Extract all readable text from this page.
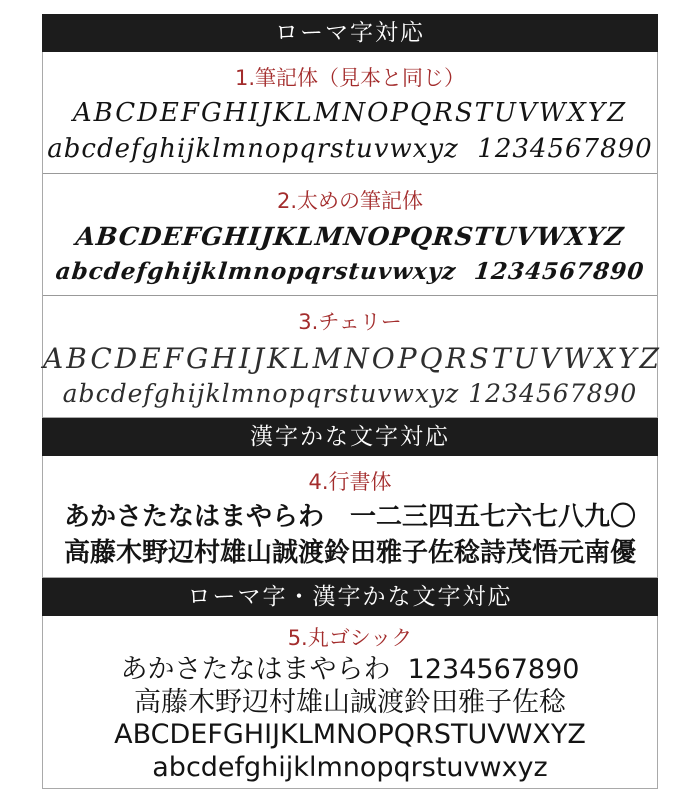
ローマ字対応
1.筆記体（見本と同じ）
ABCDEFGHIJKLMNOPQRSTUVWXYZ
abcdefghijklmnopqrstuvwxyz  1234567890
2.太めの筆記体
ABCDEFGHIJKLMNOPQRSTUVWXYZ
abcdefghijklmnopqrstuvwxyz  1234567890
3.チェリー
ABCDEFGHIJKLMNOPQRSTUVWXYZ
abcdefghijklmnopqrstuvwxyz 1234567890
漢字かな文字対応
4.行書体
あかさたなはまやらわ　一二三四五七六七八九〇
高藤木野辺村雄山誠渡鈴田雅子佐稔詩茂悟元南優
ローマ字・漢字かな文字対応
5.丸ゴシック
あかさたなはまやらわ  1234567890
高藤木野辺村雄山誠渡鈴田雅子佐稔
ABCDEFGHIJKLMNOPQRSTUVWXYZ
abcdefghijklmnopqrstuvwxyz
